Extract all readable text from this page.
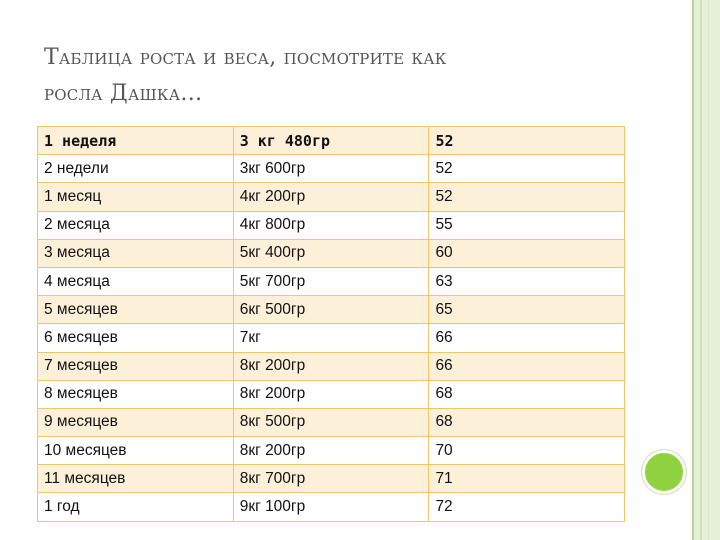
Таблица роста и веса, посмотрите как
росла Дашка…
1 неделя	3 кг 480гр	52
2 недели	3кг 600гр	52
1 месяц	4кг 200гр	52
2 месяца	4кг 800гр	55
3 месяца	5кг 400гр	60
4 месяца	5кг 700гр	63
5 месяцев	6кг 500гр	65
6 месяцев	7кг	66
7 месяцев	8кг 200гр	66
8 месяцев	8кг 200гр	68
9 месяцев	8кг 500гр	68
10 месяцев	8кг 200гр	70
11 месяцев	8кг 700гр	71
1 год	9кг 100гр	72
